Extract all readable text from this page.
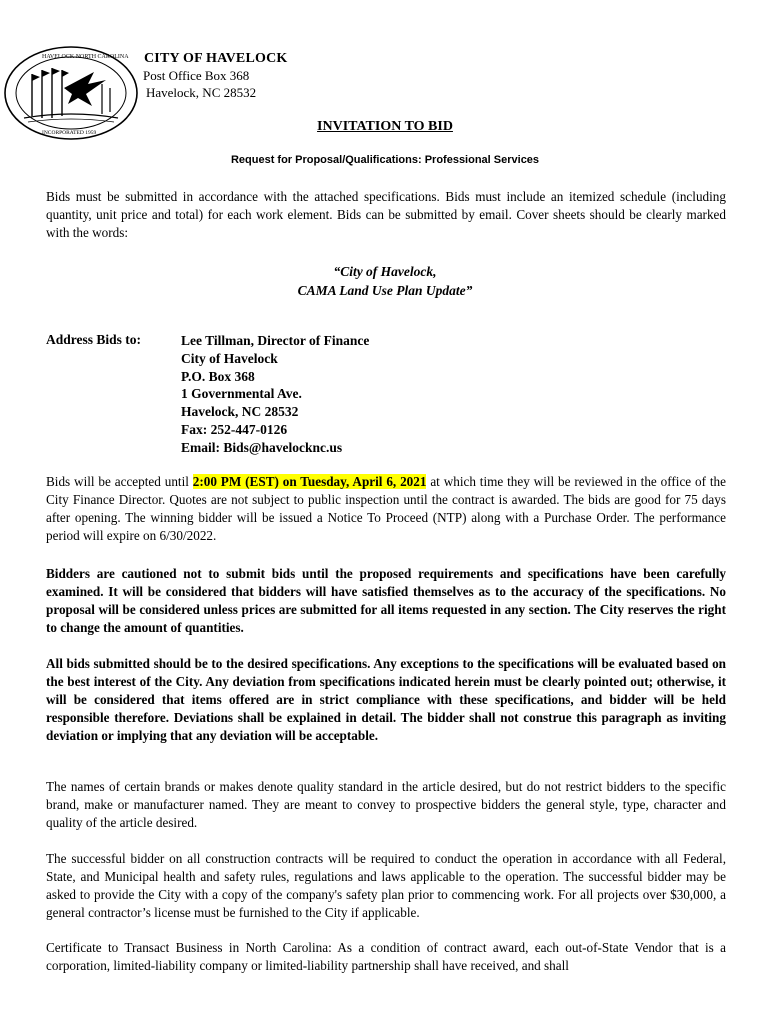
HAVELOCK NORTH CAROLINA
INCORPORATED 1959
CITY OF HAVELOCK
Post Office Box 368
Havelock, NC 28532
INVITATION TO BID
Request for Proposal/Qualifications: Professional Services
Bids must be submitted in accordance with the attached specifications. Bids must include an itemized schedule (including quantity, unit price and total) for each work element. Bids can be submitted by email. Cover sheets should be clearly marked with the words:
“City of Havelock,
CAMA Land Use Plan Update”
Address Bids to:	Lee Tillman, Director of Finance
City of Havelock
P.O. Box 368
1 Governmental Ave.
Havelock, NC 28532
Fax: 252-447-0126
Email: Bids@havelocknc.us
Bids will be accepted until 2:00 PM (EST) on Tuesday, April 6, 2021 at which time they will be reviewed in the office of the City Finance Director. Quotes are not subject to public inspection until the contract is awarded. The bids are good for 75 days after opening. The winning bidder will be issued a Notice To Proceed (NTP) along with a Purchase Order. The performance period will expire on 6/30/2022.
Bidders are cautioned not to submit bids until the proposed requirements and specifications have been carefully examined. It will be considered that bidders will have satisfied themselves as to the accuracy of the specifications. No proposal will be considered unless prices are submitted for all items requested in any section. The City reserves the right to change the amount of quantities.
All bids submitted should be to the desired specifications. Any exceptions to the specifications will be evaluated based on the best interest of the City. Any deviation from specifications indicated herein must be clearly pointed out; otherwise, it will be considered that items offered are in strict compliance with these specifications, and bidder will be held responsible therefore. Deviations shall be explained in detail. The bidder shall not construe this paragraph as inviting deviation or implying that any deviation will be acceptable.
The names of certain brands or makes denote quality standard in the article desired, but do not restrict bidders to the specific brand, make or manufacturer named. They are meant to convey to prospective bidders the general style, type, character and quality of the article desired.
The successful bidder on all construction contracts will be required to conduct the operation in accordance with all Federal, State, and Municipal health and safety rules, regulations and laws applicable to the operation. The successful bidder may be asked to provide the City with a copy of the company's safety plan prior to commencing work. For all projects over $30,000, a general contractor’s license must be furnished to the City if applicable.
Certificate to Transact Business in North Carolina: As a condition of contract award, each out-of-State Vendor that is a corporation, limited-liability company or limited-liability partnership shall have received, and shall
